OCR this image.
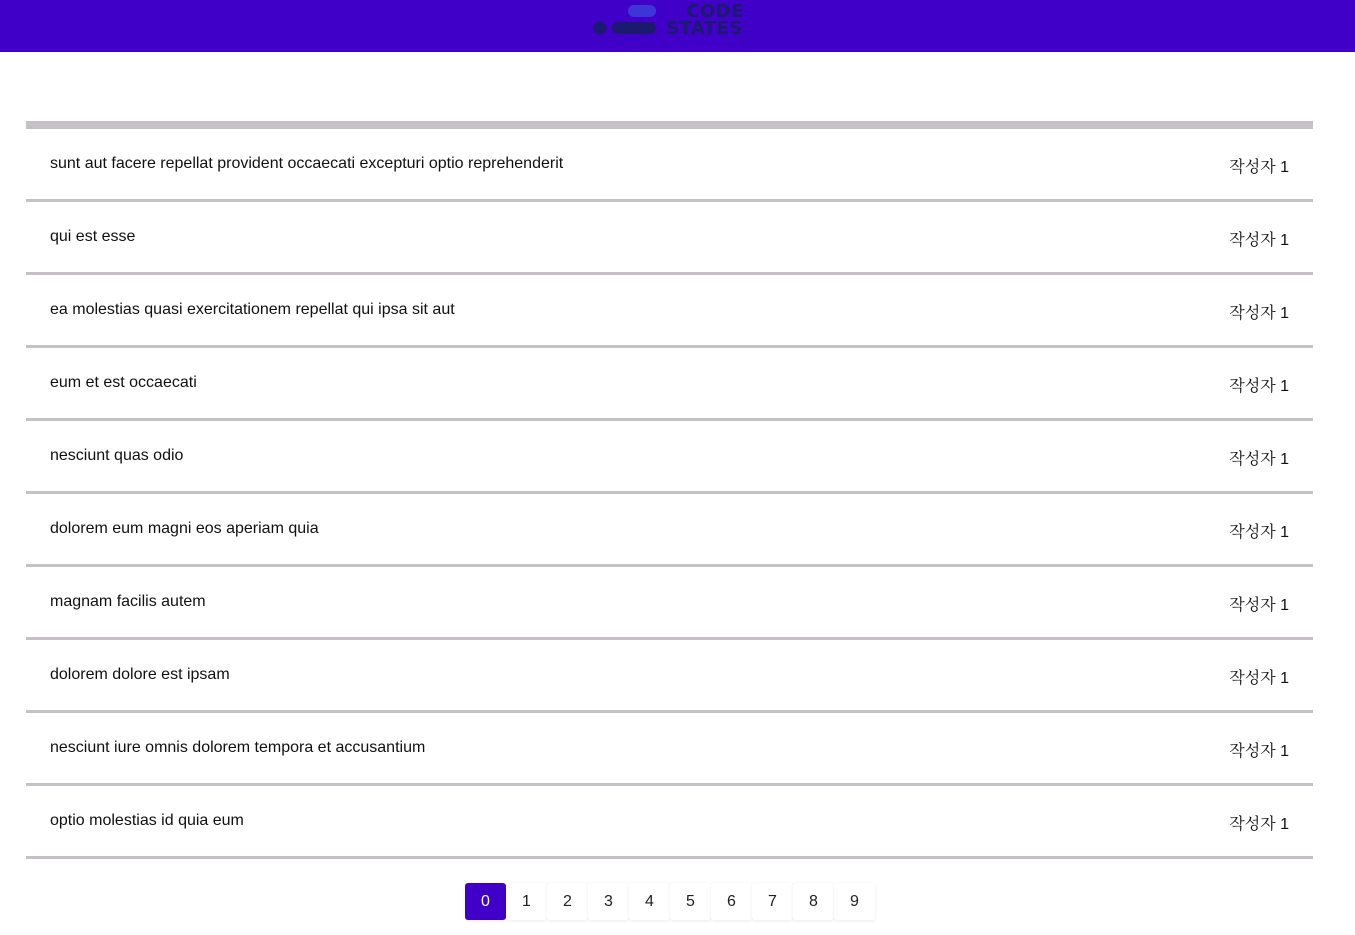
CODE
STATES
sunt aut facere repellat provident occaecati excepturi optio reprehenderit	작성자 1
qui est esse	작성자 1
ea molestias quasi exercitationem repellat qui ipsa sit aut	작성자 1
eum et est occaecati	작성자 1
nesciunt quas odio	작성자 1
dolorem eum magni eos aperiam quia	작성자 1
magnam facilis autem	작성자 1
dolorem dolore est ipsam	작성자 1
nesciunt iure omnis dolorem tempora et accusantium	작성자 1
optio molestias id quia eum	작성자 1
0	1	2	3	4	5	6	7	8	9
